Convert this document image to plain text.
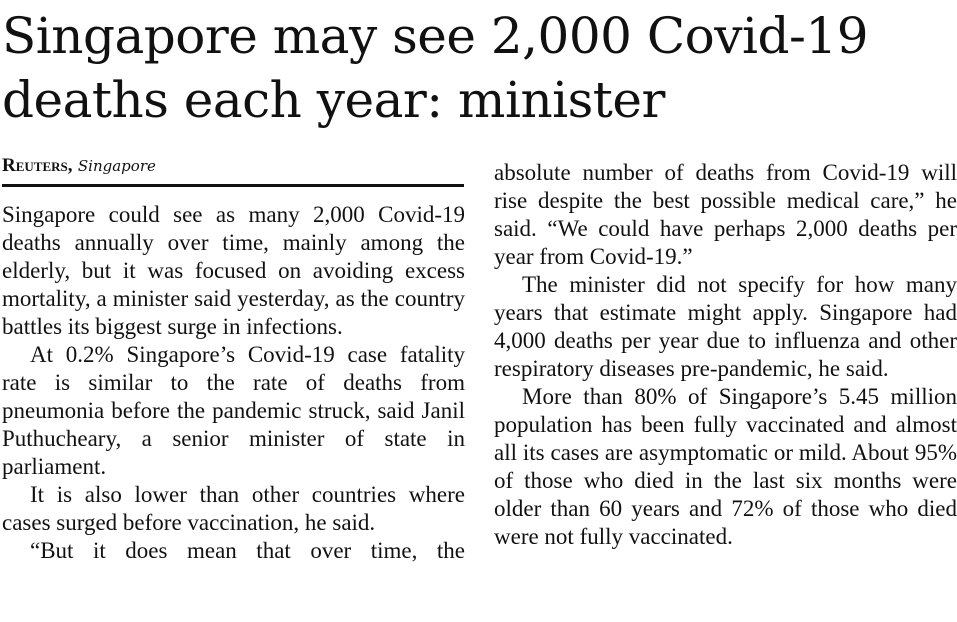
Singapore may see 2,000 Covid-19
deaths each year: minister
Reuters, Singapore

Singapore could see as many 2,000 Covid-19 deaths annually over time, mainly among the elderly, but it was focused on avoiding excess mortality, a minister said yesterday, as the country battles its biggest surge in infections.

At 0.2% Singapore’s Covid-19 case fatality rate is similar to the rate of deaths from pneumonia before the pandemic struck, said Janil Puthucheary, a senior minister of state in parliament.

It is also lower than other countries where cases surged before vaccination, he said.

“But it does mean that over time, the

absolute number of deaths from Covid-19 will rise despite the best possible medical care,” he said. “We could have perhaps 2,000 deaths per year from Covid-19.”

The minister did not specify for how many years that estimate might apply. Singapore had 4,000 deaths per year due to influenza and other respiratory diseases pre-pandemic, he said.

More than 80% of Singapore’s 5.45 million population has been fully vaccinated and almost all its cases are asymptomatic or mild. About 95% of those who died in the last six months were older than 60 years and 72% of those who died were not fully vaccinated.
